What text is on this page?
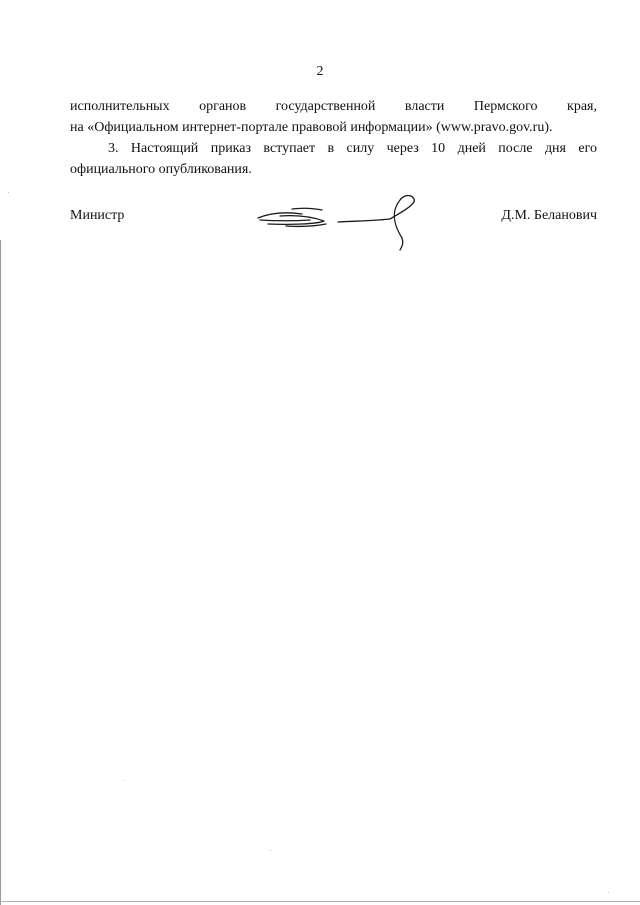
2

исполнительных органов государственной власти Пермского края,
на «Официальном интернет-портале правовой информации» (www.pravo.gov.ru).

3. Настоящий приказ вступает в силу через 10 дней после дня его
официального опубликования.

Министр	Д.М. Беланович
